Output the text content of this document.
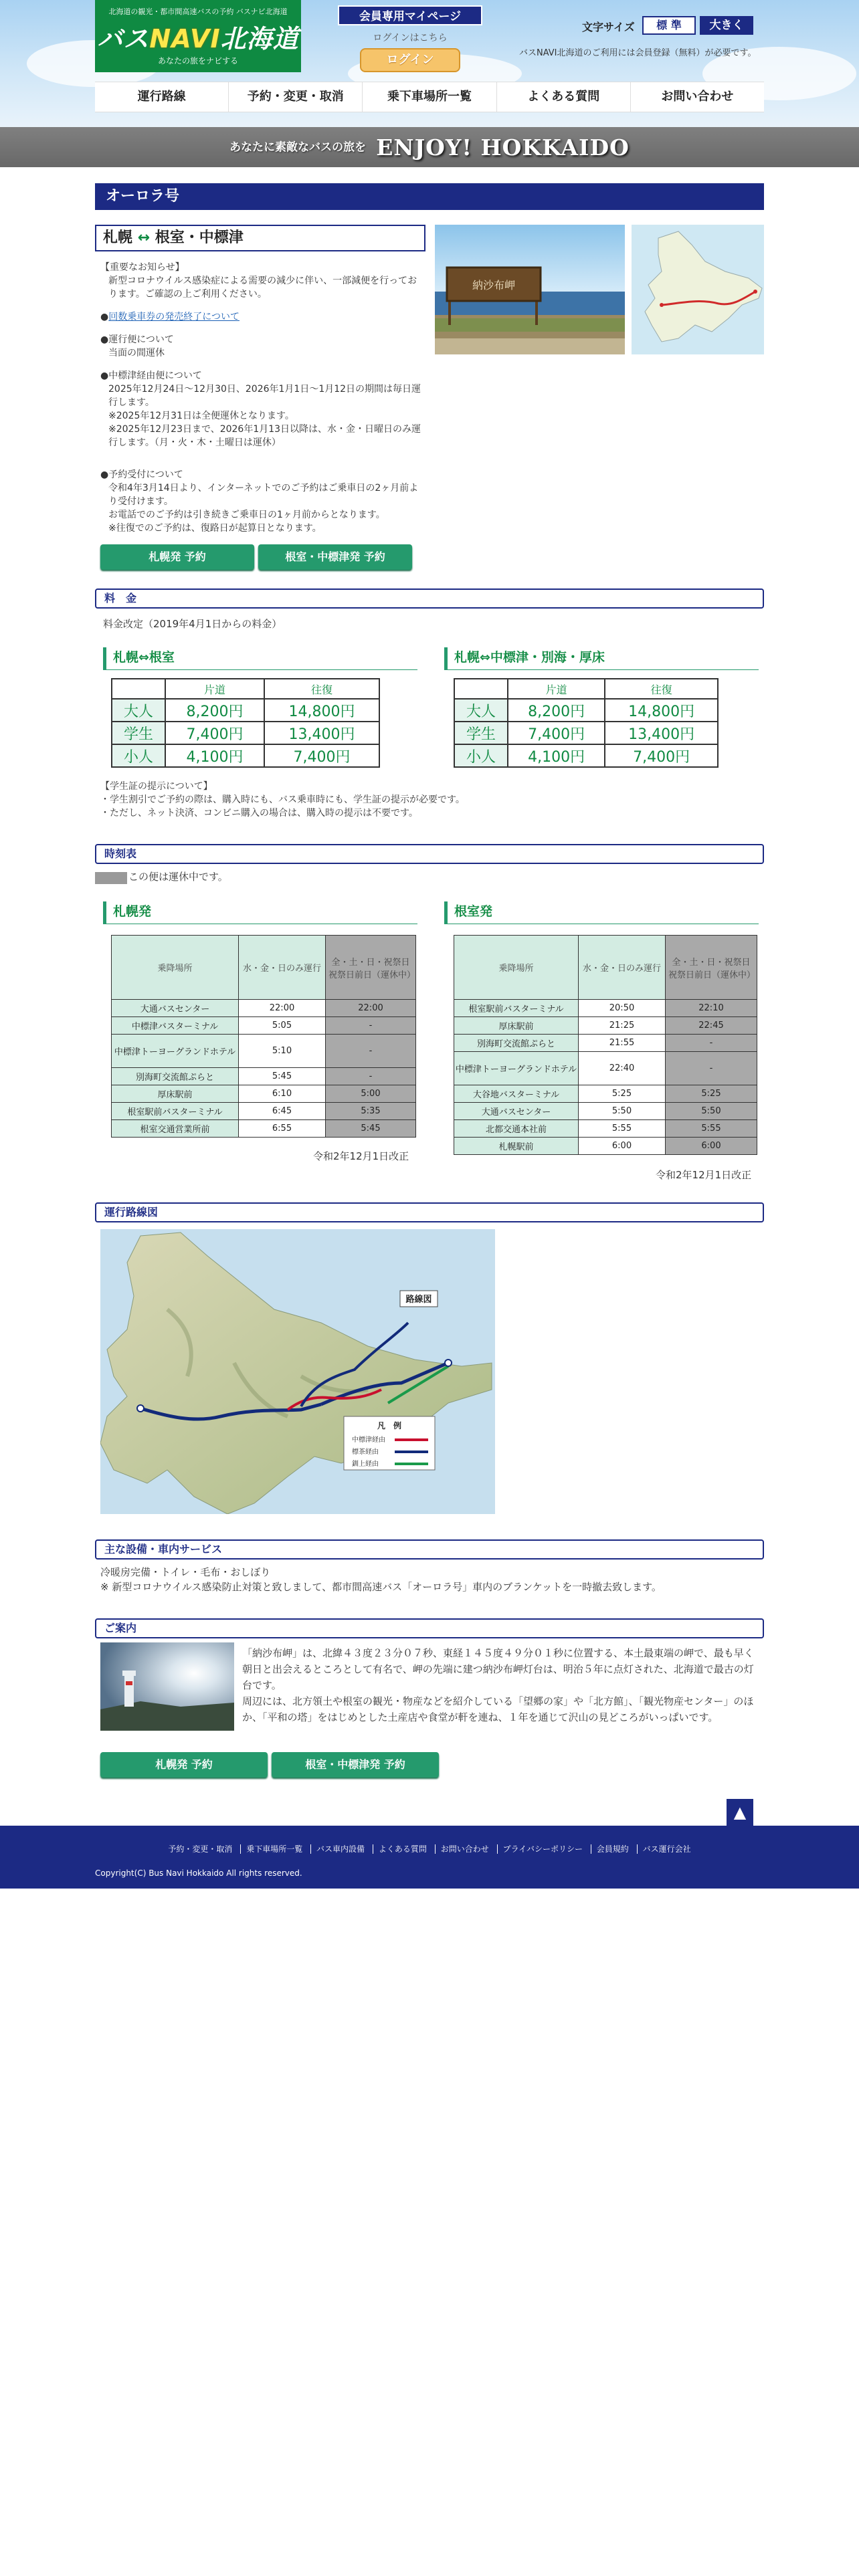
北海道の観光・都市間高速バスの予約 バスナビ北海道
バスNAVI北海道
あなたの旅をナビする
会員専用マイページ
ログインはこちら
ログイン
文字サイズ	標 準	大きく
バスNAVI北海道のご利用には会員登録（無料）が必要です。
運行路線	予約・変更・取消	乗下車場所一覧	よくある質問	お問い合わせ
あなたに素敵なバスの旅を ENJOY! HOKKAIDO
オーロラ号
札幌 ↔ 根室・中標津
納沙布岬

【重要なお知らせ】

新型コロナウイルス感染症による需要の減少に伴い、一部減便を行っております。ご確認の上ご利用ください。

●回数乗車券の発売終了について

●運行便について

当面の間運休

●中標津経由便について

2025年12月24日〜12月30日、2026年1月1日〜1月12日の期間は毎日運行します。

※2025年12月31日は全便運休となります。

※2025年12月23日まで、2026年1月13日以降は、水・金・日曜日のみ運行します。（月・火・木・土曜日は運休）

●予約受付について

令和4年3月14日より、インターネットでのご予約はご乗車日の2ヶ月前より受付けます。

お電話でのご予約は引き続きご乗車日の1ヶ月前からとなります。

※往復でのご予約は、復路日が起算日となります。

札幌発 予約	根室・中標津発 予約
料　金
料金改定（2019年4月1日からの料金）
札幌⇔根室
	片道	往復
大人	8,200円	14,800円
学生	7,400円	13,400円
小人	4,100円	7,400円
札幌⇔中標津・別海・厚床
	片道	往復
大人	8,200円	14,800円
学生	7,400円	13,400円
小人	4,100円	7,400円
【学生証の提示について】
・学生割引でご予約の際は、購入時にも、バス乗車時にも、学生証の提示が必要です。
・ただし、ネット決済、コンビニ購入の場合は、購入時の提示は不要です。
時刻表
この便は運休中です。
札幌発
乗降場所	水・金・日のみ運行	全・土・日・祝祭日 祝祭日前日（運休中）
大通バスセンター	22:00	22:00
中標津バスターミナル	5:05	-
中標津トーヨーグランドホテル	5:10	-
別海町交流館ぷらと	5:45	-
厚床駅前	6:10	5:00
根室駅前バスターミナル	6:45	5:35
根室交通営業所前	6:55	5:45
令和2年12月1日改正
根室発
乗降場所	水・金・日のみ運行	全・土・日・祝祭日 祝祭日前日（運休中）
根室駅前バスターミナル	20:50	22:10
厚床駅前	21:25	22:45
別海町交流館ぷらと	21:55	-
中標津トーヨーグランドホテル	22:40	-
大谷地バスターミナル	5:25	5:25
大通バスセンター	5:50	5:50
北都交通本社前	5:55	5:55
札幌駅前	6:00	6:00
令和2年12月1日改正
運行路線図
路線図
凡　例
中標津経由
標茶経由
釧上経由
主な設備・車内サービス
冷暖房完備・トイレ・毛布・おしぼり
※ 新型コロナウイルス感染防止対策と致しまして、都市間高速バス「オーロラ号」車内のブランケットを一時撤去致します。
ご案内
「納沙布岬」は、北緯４３度２３分０７秒、東経１４５度４９分０１秒に位置する、本土最東端の岬で、最も早く朝日と出会えるところとして有名で、岬の先端に建つ納沙布岬灯台は、明治５年に点灯された、北海道で最古の灯台です。
周辺には、北方領土や根室の観光・物産などを紹介している「望郷の家」や「北方館」、「観光物産センター」のほか、「平和の塔」をはじめとした土産店や食堂が軒を連ね、１年を通じて沢山の見どころがいっぱいです。
札幌発 予約	根室・中標津発 予約
▲
予約・変更・取消 乗下車場所一覧 バス車内設備 よくある質問 お問い合わせ プライバシーポリシー 会員規約 バス運行会社
Copyright(C) Bus Navi Hokkaido All rights reserved.
